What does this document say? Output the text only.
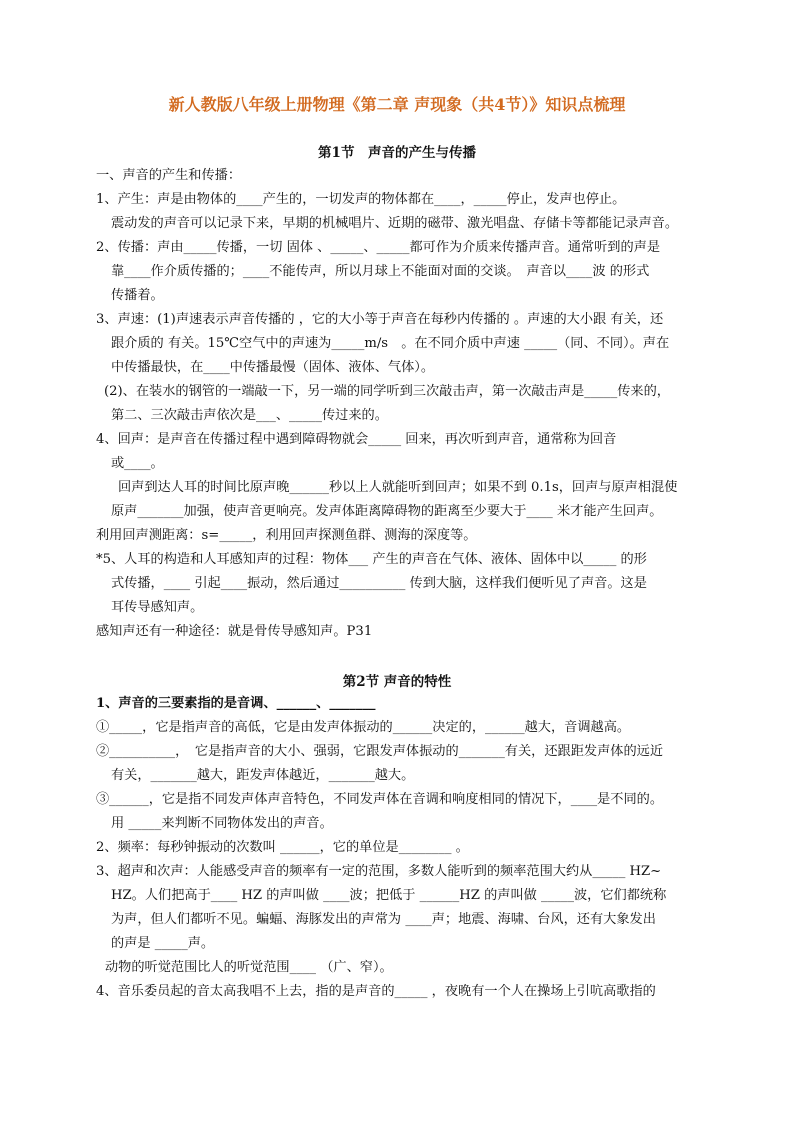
新人教版八年级上册物理《第二章 声现象（共4节）》知识点梳理
第1节　声音的产生与传播

一、声音的产生和传播：

1、产生：声是由物体的____产生的，一切发声的物体都在____，_____停止，发声也停止。

震动发的声音可以记录下来，早期的机械唱片、近期的磁带、激光唱盘、存储卡等都能记录声音。

2、传播：声由_____传播，一切 固体 、_____、_____都可作为介质来传播声音。通常听到的声是

靠____作介质传播的；____不能传声，所以月球上不能面对面的交谈。　声音以____波 的形式

传播着。

3、声速：(1)声速表示声音传播的 ，它的大小等于声音在每秒内传播的 。声速的大小跟 有关，还

跟介质的 有关。15℃空气中的声速为_____m/s　。在不同介质中声速 _____（同、不同）。声在

中传播最快，在____中传播最慢（固体、液体、气体）。

(2)、在装水的钢管的一端敲一下，另一端的同学听到三次敲击声，第一次敲击声是_____传来的，

第二、三次敲击声依次是___、_____传过来的。

4、回声：是声音在传播过程中遇到障碍物就会_____ 回来，再次听到声音，通常称为回音

或____。

回声到达人耳的时间比原声晚______秒以上人就能听到回声；如果不到 0.1s，回声与原声相混使

原声_______加强，使声音更响亮。发声体距离障碍物的距离至少要大于____ 米才能产生回声。

利用回声测距离：s=_____，利用回声探测鱼群、测海的深度等。

*5、人耳的构造和人耳感知声的过程：物体___ 产生的声音在气体、液体、固体中以_____ 的形

式传播，____ 引起____振动，然后通过__________ 传到大脑，这样我们便听见了声音。这是

耳传导感知声。

感知声还有一种途径：就是骨传导感知声。P31

第2节 声音的特性

1、声音的三要素指的是音调、______、_______

①_____，它是指声音的高低，它是由发声体振动的______决定的，______越大，音调越高。

②__________，　它是指声音的大小、强弱，它跟发声体振动的_______有关，还跟距发声体的远近

有关，_______越大，距发声体越近，_______越大。

③______，它是指不同发声体声音特色，不同发声体在音调和响度相同的情况下，____是不同的。

用 _____来判断不同物体发出的声音。

2、频率：每秒钟振动的次数叫 ______，它的单位是________ 。

3、超声和次声：人能感受声音的频率有一定的范围，多数人能听到的频率范围大约从_____ HZ~

HZ。人们把高于____ HZ 的声叫做 ____波；把低于 ______HZ 的声叫做 _____波，它们都统称

为声，但人们都听不见。蝙蝠、海豚发出的声常为 ____声；地震、海啸、台风，还有大象发出

的声是 _____声。

动物的听觉范围比人的听觉范围____ （广、窄）。

4、音乐委员起的音太高我唱不上去，指的是声音的_____ ，夜晚有一个人在操场上引吭高歌指的
